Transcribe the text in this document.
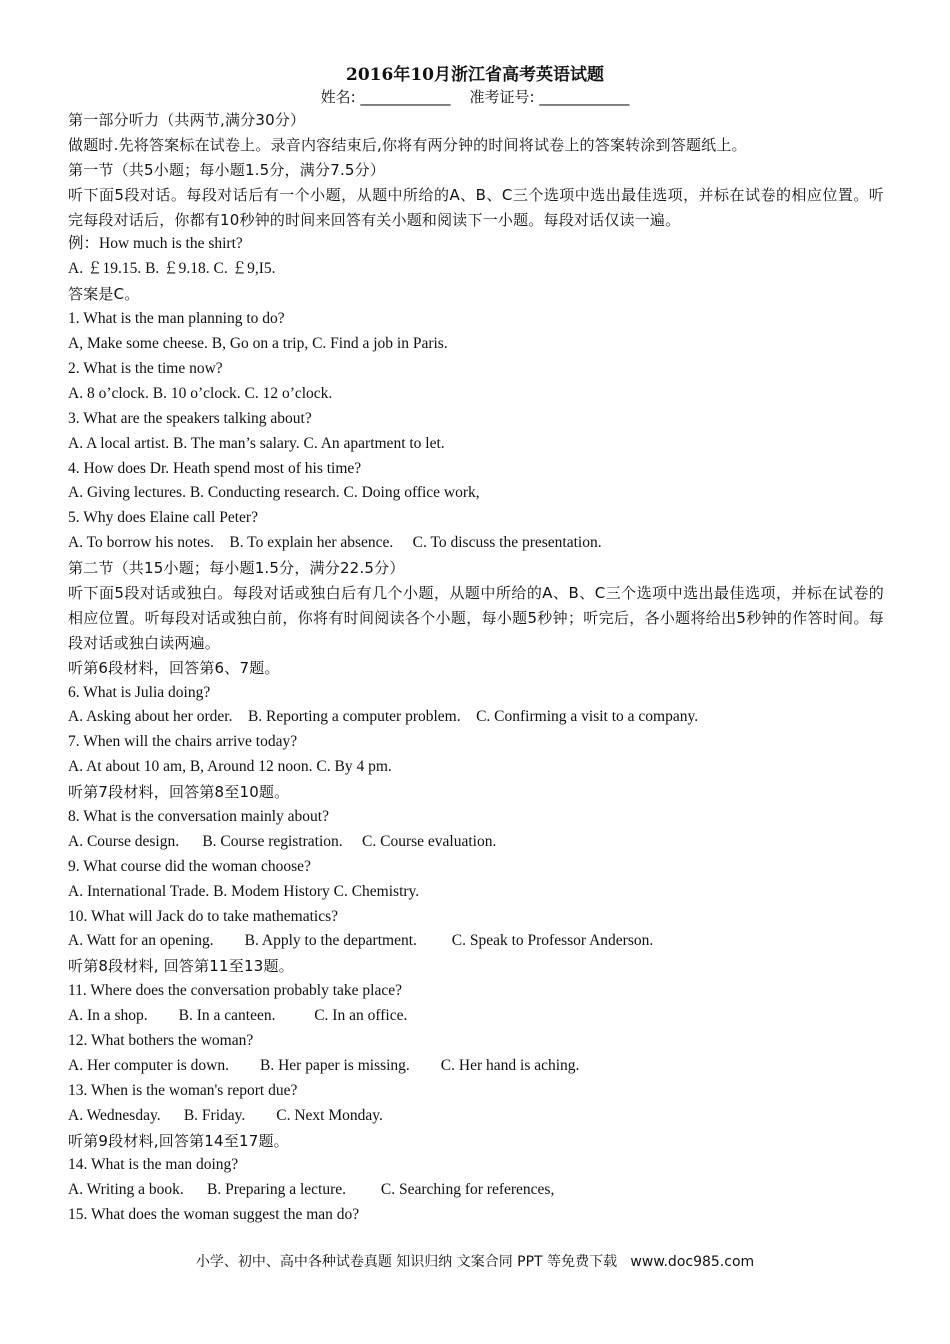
2016年10月浙江省高考英语试题
姓名: ____________    准考证号: ____________
第一部分听力（共两节,满分30分）
做题时.先将答案标在试卷上。录音内容结束后,你将有两分钟的时间将试卷上的答案转涂到答题纸上。
第一节（共5小题；每小题1.5分，满分7.5分）
听下面5段对话。每段对话后有一个小题，从题中所给的A、B、C三个选项中选出最佳选项，并标在试卷的相应位置。听完每段对话后，你都有10秒钟的时间来回答有关小题和阅读下一小题。每段对话仅读一遍。
例：How much is the shirt?
A. ￡19.15. B. ￡9.18. C. ￡9,I5.
答案是C。
1. What is the man planning to do?
A, Make some cheese. B, Go on a trip, C. Find a job in Paris.
2. What is the time now?
A. 8 o’clock. B. 10 o’clock. C. 12 o’clock.
3. What are the speakers talking about?
A. A local artist. B. The man’s salary. C. An apartment to let.
4. How does Dr. Heath spend most of his time?
A. Giving lectures. B. Conducting research. C. Doing office work,
5. Why does Elaine call Peter?
A. To borrow his notes.    B. To explain her absence.     C. To discuss the presentation.
第二节（共15小题；每小题1.5分，满分22.5分）
听下面5段对话或独白。每段对话或独白后有几个小题，从题中所给的A、B、C三个选项中选出最佳选项，并标在试卷的相应位置。听每段对话或独白前，你将有时间阅读各个小题，每小题5秒钟；听完后，各小题将给出5秒钟的作答时间。每段对话或独白读两遍。
听第6段材料，回答第6、7题。
6. What is Julia doing?
A. Asking about her order.    B. Reporting a computer problem.    C. Confirming a visit to a company.
7. When will the chairs arrive today?
A. At about 10 am, B, Around 12 noon. C. By 4 pm.
听第7段材料，回答第8至10题。
8. What is the conversation mainly about?
A. Course design.      B. Course registration.     C. Course evaluation.
9. What course did the woman choose?
A. International Trade. B. Modem History C. Chemistry.
10. What will Jack do to take mathematics?
A. Watt for an opening.        B. Apply to the department.         C. Speak to Professor Anderson.
听第8段材料, 回答第11至13题。
11. Where does the conversation probably take place?
A. In a shop.        B. In a canteen.          C. In an office.
12. What bothers the woman?
A. Her computer is down.        B. Her paper is missing.        C. Her hand is aching.
13. When is the woman's report due?
A. Wednesday.      B. Friday.        C. Next Monday.
听第9段材料,回答第14至17题。
14. What is the man doing?
A. Writing a book.      B. Preparing a lecture.         C. Searching for references,
15. What does the woman suggest the man do?
小学、初中、高中各种试卷真题 知识归纳 文案合同 PPT 等免费下载   www.doc985.com
